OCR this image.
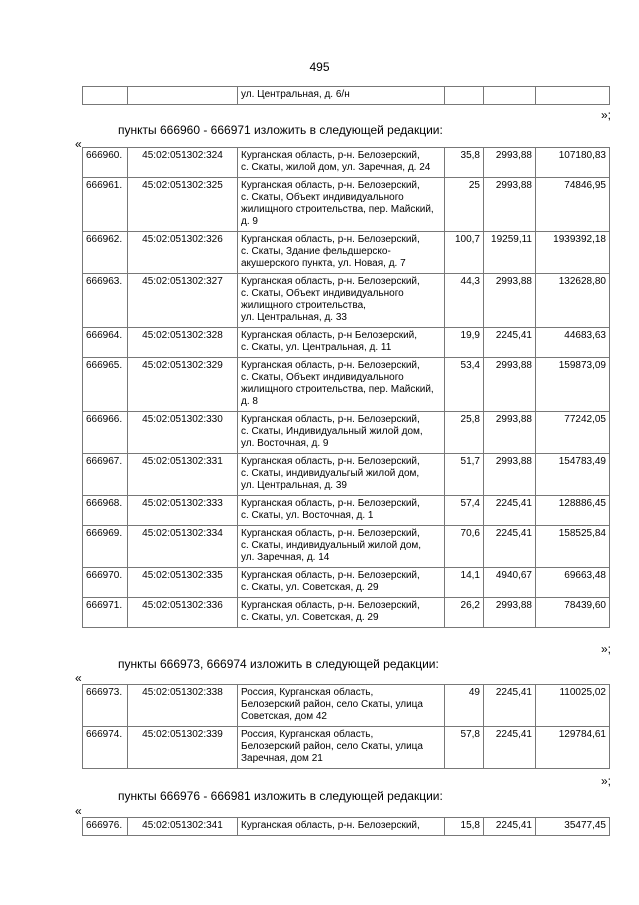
495
		ул. Центральная, д. 6/н			
»;
пункты 666960 - 666971 изложить в следующей редакции:
«
666960.	45:02:051302:324	Курганская область, р-н. Белозерский,
с. Скаты, жилой дом, ул. Заречная, д. 24	35,8	2993,88	107180,83
666961.	45:02:051302:325	Курганская область, р-н. Белозерский,
с. Скаты, Объект индивидуального
жилищного строительства, пер. Майский,
д. 9	25	2993,88	74846,95
666962.	45:02:051302:326	Курганская область, р-н. Белозерский,
с. Скаты, Здание фельдшерско-
акушерского пункта, ул. Новая, д. 7	100,7	19259,11	1939392,18
666963.	45:02:051302:327	Курганская область, р-н. Белозерский,
с. Скаты, Объект индивидуального
жилищного строительства,
ул. Центральная, д. 33	44,3	2993,88	132628,80
666964.	45:02:051302:328	Курганская область, р-н Белозерский,
с. Скаты, ул. Центральная, д. 11	19,9	2245,41	44683,63
666965.	45:02:051302:329	Курганская область, р-н. Белозерский,
с. Скаты, Объект индивидуального
жилищного строительства, пер. Майский,
д. 8	53,4	2993,88	159873,09
666966.	45:02:051302:330	Курганская область, р-н. Белозерский,
с. Скаты, Индивидуальный жилой дом,
ул. Восточная, д. 9	25,8	2993,88	77242,05
666967.	45:02:051302:331	Курганская область, р-н. Белозерский,
с. Скаты, индивидуальгый жилой дом,
ул. Центральная, д. 39	51,7	2993,88	154783,49
666968.	45:02:051302:333	Курганская область, р-н. Белозерский,
с. Скаты, ул. Восточная, д. 1	57,4	2245,41	128886,45
666969.	45:02:051302:334	Курганская область, р-н. Белозерский,
с. Скаты, индивидуальный жилой дом,
ул. Заречная, д. 14	70,6	2245,41	158525,84
666970.	45:02:051302:335	Курганская область, р-н. Белозерский,
с. Скаты, ул. Советская, д. 29	14,1	4940,67	69663,48
666971.	45:02:051302:336	Курганская область, р-н. Белозерский,
с. Скаты, ул. Советская, д. 29	26,2	2993,88	78439,60
»;
пункты 666973, 666974 изложить в следующей редакции:
«
666973.	45:02:051302:338	Россия, Курганская область,
Белозерский район, село Скаты, улица
Советская, дом 42	49	2245,41	110025,02
666974.	45:02:051302:339	Россия, Курганская область,
Белозерский район, село Скаты, улица
Заречная, дом 21	57,8	2245,41	129784,61
»;
пункты 666976 - 666981 изложить в следующей редакции:
«
666976.	45:02:051302:341	Курганская область, р-н. Белозерский,	15,8	2245,41	35477,45
